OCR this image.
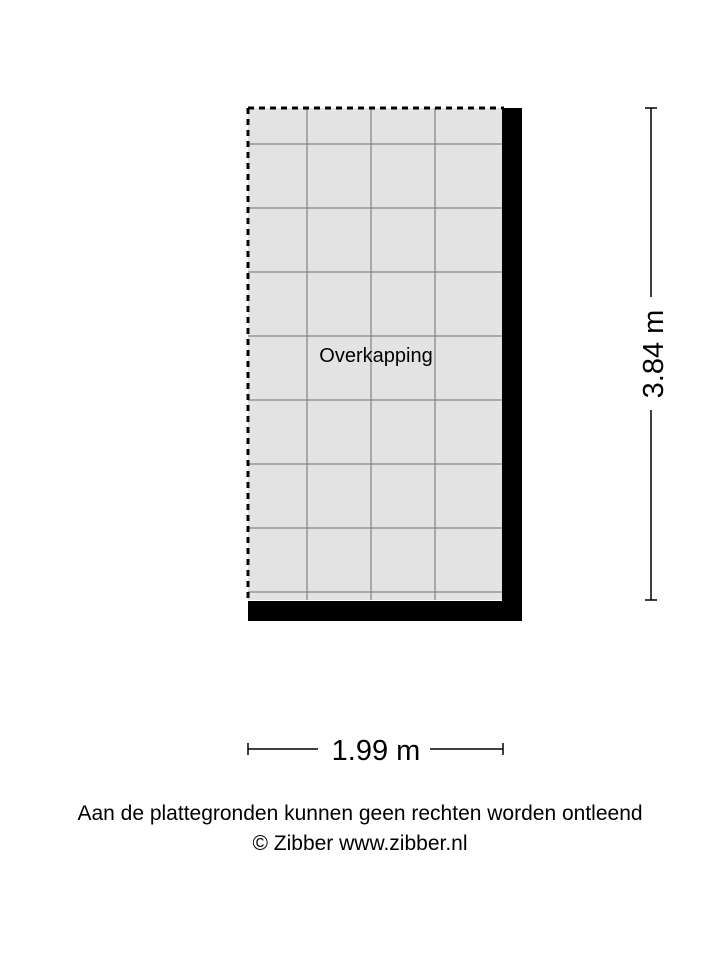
Overkapping	3.84 m
1.99 m
Aan de plattegronden kunnen geen rechten worden ontleend
© Zibber www.zibber.nl
